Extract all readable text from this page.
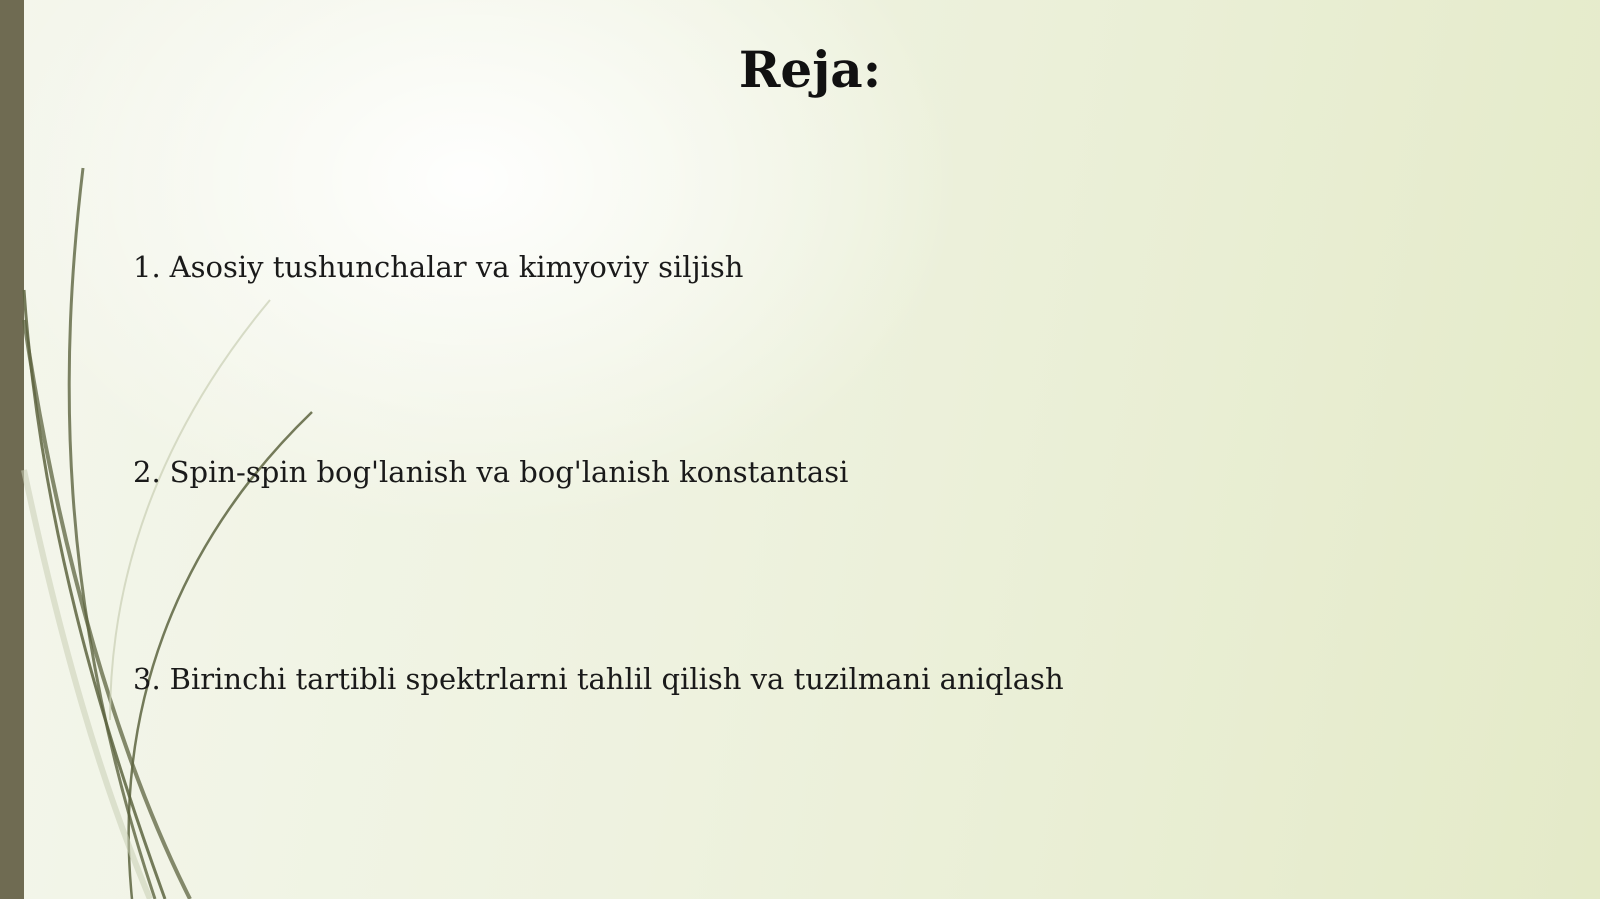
Reja:
1. Asosiy tushunchalar va kimyoviy siljish
2. Spin-spin bog'lanish va bog'lanish konstantasi
3. Birinchi tartibli spektrlarni tahlil qilish va tuzilmani aniqlash
